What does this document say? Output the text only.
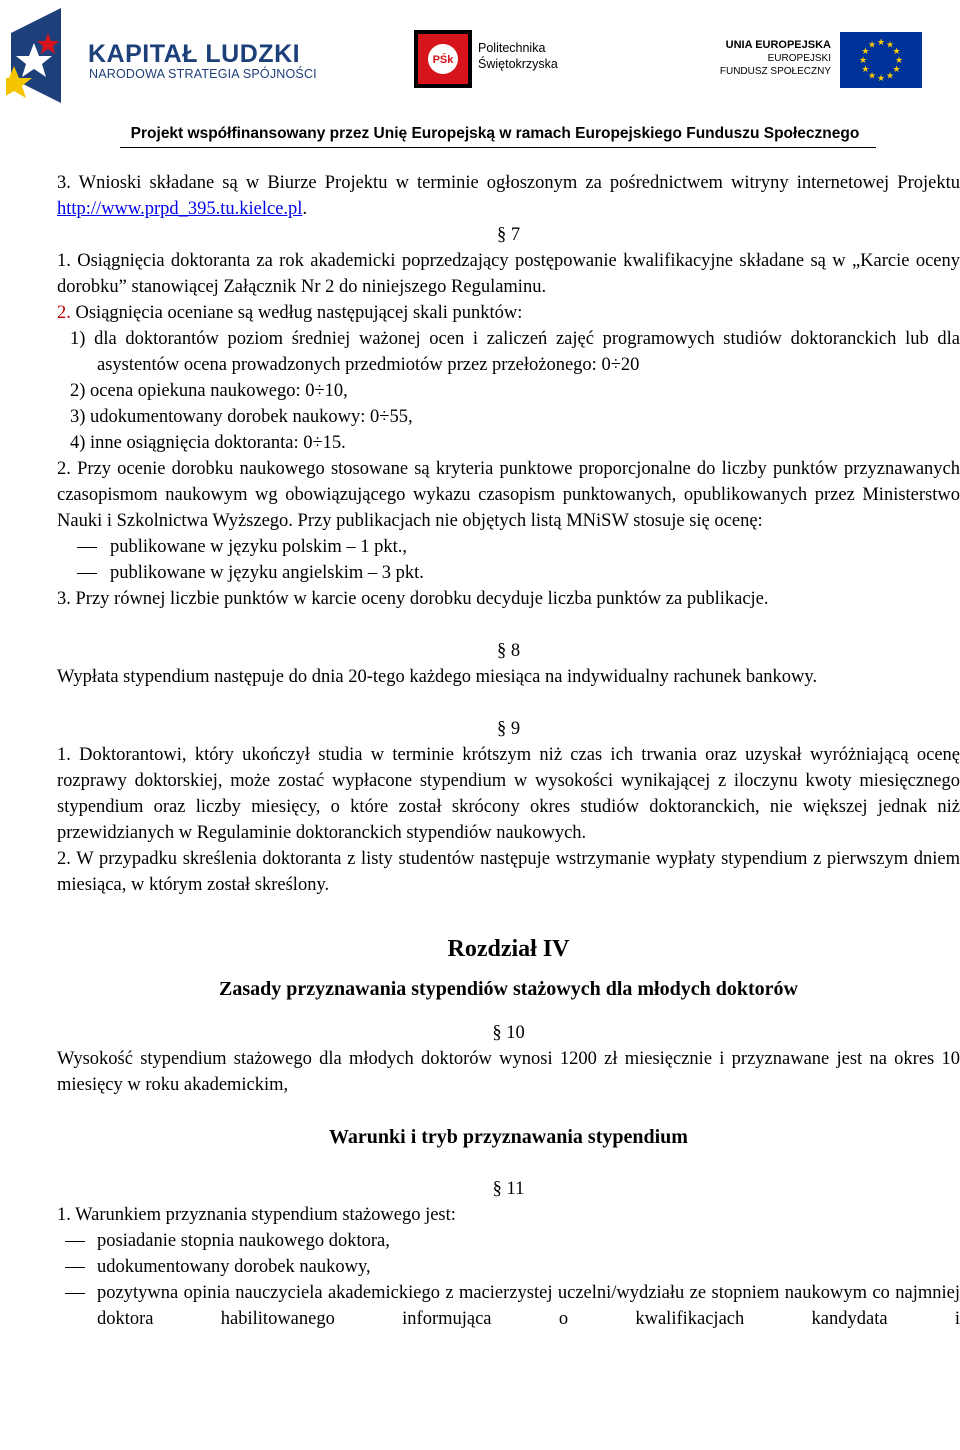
KAPITAŁ LUDZKI
NARODOWA STRATEGIA SPÓJNOŚCI
PŚk
Politechnika
Świętokrzyska
UNIA EUROPEJSKA
EUROPEJSKI
FUNDUSZ SPOŁECZNY
★ ★
★
★
★
★
★
★
★
★
★
★
Projekt współfinansowany przez Unię Europejską w ramach Europejskiego Funduszu Społecznego

3. Wnioski składane są w Biurze Projektu w terminie ogłoszonym za pośrednictwem witryny internetowej Projektu http://www.prpd_395.tu.kielce.pl.

§ 7

1. Osiągnięcia doktoranta za rok akademicki poprzedzający postępowanie kwalifikacyjne składane są w „Karcie oceny dorobku” stanowiącej Załącznik Nr 2 do niniejszego Regulaminu.

2. Osiągnięcia oceniane są według następującej skali punktów:

1) dla doktorantów poziom średniej ważonej ocen i zaliczeń zajęć programowych studiów doktoranckich lub dla asystentów ocena prowadzonych przedmiotów przez przełożonego: 0÷20

2) ocena opiekuna naukowego: 0÷10,

3) udokumentowany dorobek naukowy: 0÷55,

4) inne osiągnięcia doktoranta: 0÷15.

2. Przy ocenie dorobku naukowego stosowane są kryteria punktowe proporcjonalne do liczby punktów przyznawanych czasopismom naukowym wg obowiązującego wykazu czasopism punktowanych, opublikowanych przez Ministerstwo Nauki i Szkolnictwa Wyższego. Przy publikacjach nie objętych listą MNiSW stosuje się ocenę:

publikowane w języku polskim – 1 pkt.,

publikowane w języku angielskim – 3 pkt.

3. Przy równej liczbie punktów w karcie oceny dorobku decyduje liczba punktów za publikacje.

§ 8

Wypłata stypendium następuje do dnia 20-tego każdego miesiąca na indywidualny rachunek bankowy.

§ 9

1. Doktorantowi, który ukończył studia w terminie krótszym niż czas ich trwania oraz uzyskał wyróżniającą ocenę rozprawy doktorskiej, może zostać wypłacone stypendium w wysokości wynikającej z iloczynu kwoty miesięcznego stypendium oraz liczby miesięcy, o które został skrócony okres studiów doktoranckich, nie większej jednak niż przewidzianych w Regulaminie doktoranckich stypendiów naukowych.

2. W przypadku skreślenia doktoranta z listy studentów następuje wstrzymanie wypłaty stypendium z pierwszym dniem miesiąca, w którym został skreślony.

Rozdział IV

Zasady przyznawania stypendiów stażowych dla młodych doktorów

§ 10

Wysokość stypendium stażowego dla młodych doktorów wynosi 1200 zł miesięcznie i przyznawane jest na okres 10 miesięcy w roku akademickim,

Warunki i tryb przyznawania stypendium

§ 11

1. Warunkiem przyznania stypendium stażowego jest:

posiadanie stopnia naukowego doktora,

udokumentowany dorobek naukowy,

pozytywna opinia nauczyciela akademickiego z macierzystej uczelni/wydziału ze stopniem naukowym co najmniej doktora habilitowanego informująca o kwalifikacjach kandydata i
